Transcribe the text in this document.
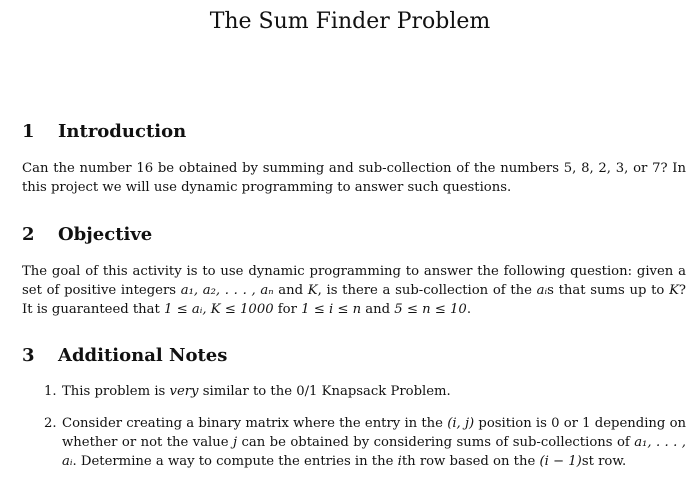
The Sum Finder Problem
1 Introduction
Can the number 16 be obtained by summing and sub-collection of the numbers 5, 8, 2, 3, or 7? In this project we will use dynamic programming to answer such questions.
2 Objective
The goal of this activity is to use dynamic programming to answer the following question: given a set of positive integers a₁, a₂, . . . , aₙ and K, is there a sub-collection of the aᵢs that sums up to K? It is guaranteed that 1 ≤ aᵢ, K ≤ 1000 for 1 ≤ i ≤ n and 5 ≤ n ≤ 10.
3 Additional Notes
1. This problem is very similar to the 0/1 Knapsack Problem.
2. Consider creating a binary matrix where the entry in the (i, j) position is 0 or 1 depending on whether or not the value j can be obtained by considering sums of sub-collections of a₁, . . . , aᵢ. Determine a way to compute the entries in the ith row based on the (i − 1)st row.
